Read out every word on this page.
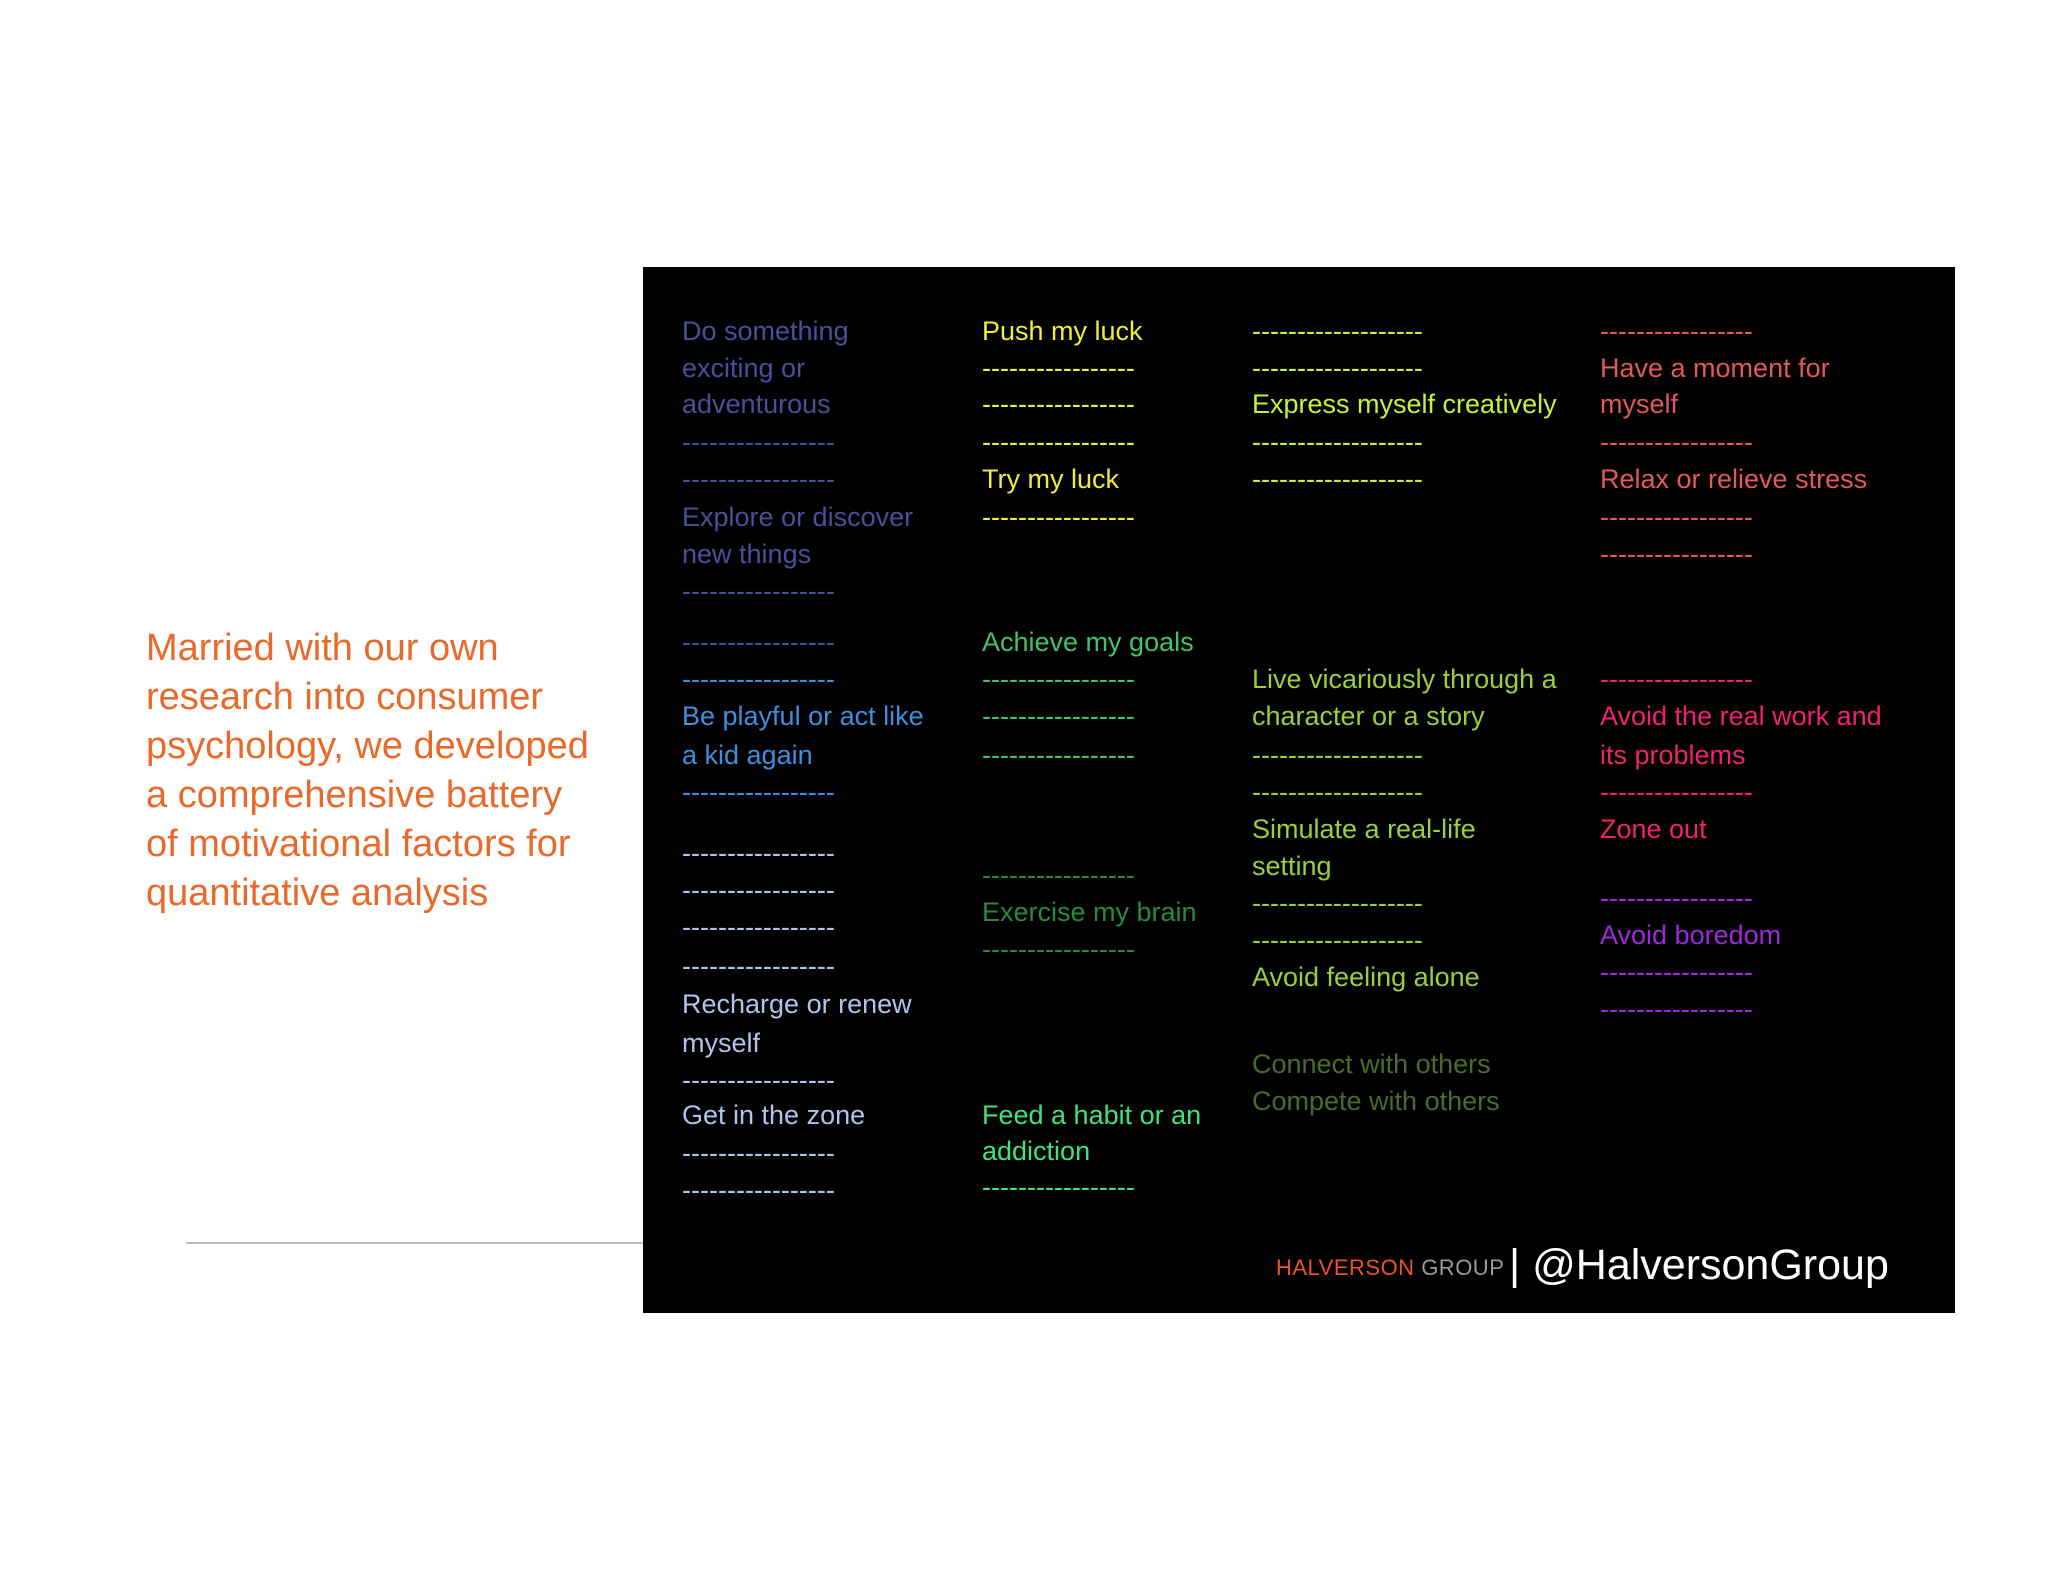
Married with our own
research into consumer
psychology, we developed
a comprehensive battery
of motivational factors for
quantitative analysis
Do something
exciting or
adventurous
-----------------
-----------------
Explore or discover
new things
-----------------
-----------------
-----------------
Be playful or act like
a kid again
-----------------
-----------------
-----------------
-----------------
-----------------
Recharge or renew
myself
-----------------
Get in the zone
-----------------
-----------------
Push my luck
-----------------
-----------------
-----------------
Try my luck
-----------------
Achieve my goals
-----------------
-----------------
-----------------
-----------------
Exercise my brain
-----------------
Feed a habit or an
addiction
-----------------
-------------------
-------------------
Express myself creatively
-------------------
-------------------
Live vicariously through a
character or a story
-------------------
-------------------
Simulate a real-life
setting
-------------------
-------------------
Avoid feeling alone
Connect with others
Compete with others
-----------------
Have a moment for
myself
-----------------
Relax or relieve stress
-----------------
-----------------
-----------------
Avoid the real work and
its problems
-----------------
Zone out
-----------------
Avoid boredom
-----------------
-----------------
HALVERSON GROUP | @HalversonGroup
